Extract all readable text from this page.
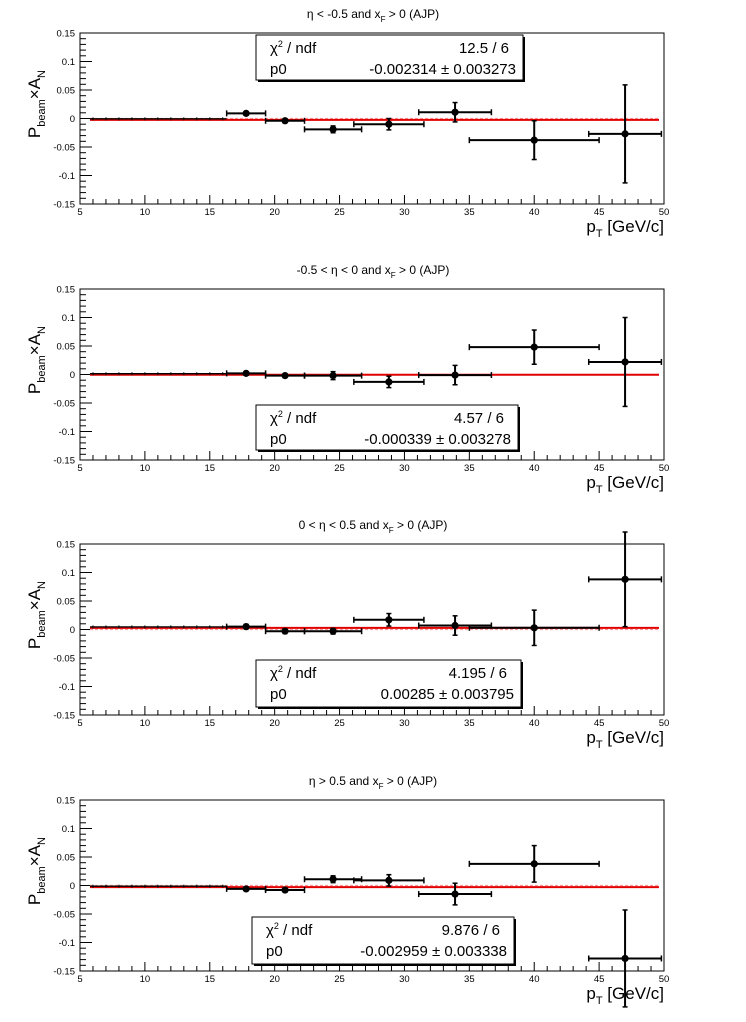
η < -0.5 and $x_F > 0$ (AJP)
5	10	15	20	25	30	35	40	45	50
-0.15
-0.1
-0.05
0
0.05
0.1
0.15
$P_{beam}\times A_N$
$p_T$ [GeV/c]
$\chi^2$ / ndf	12.5 / 6
p0	-0.002314 ± 0.003273
-0.5 < η < 0 and $x_F > 0$ (AJP)
5	10	15	20	25	30	35	40	45	50
-0.15
-0.1
-0.05
0
0.05
0.1
0.15
$P_{beam}\times A_N$
$p_T$ [GeV/c]
$\chi^2$ / ndf	4.57 / 6
p0	-0.000339 ± 0.003278
0 < η < 0.5 and $x_F > 0$ (AJP)
5	10	15	20	25	30	35	40	45	50
-0.15
-0.1
-0.05
0
0.05
0.1
0.15
$P_{beam}\times A_N$
$p_T$ [GeV/c]
$\chi^2$ / ndf	4.195 / 6
p0	0.00285 ± 0.003795
η > 0.5 and $x_F > 0$ (AJP)
5	10	15	20	25	30	35	40	45	50
-0.15
-0.1
-0.05
0
0.05
0.1
0.15
$P_{beam}\times A_N$
$p_T$ [GeV/c]
$\chi^2$ / ndf	9.876 / 6
p0	-0.002959 ± 0.003338
